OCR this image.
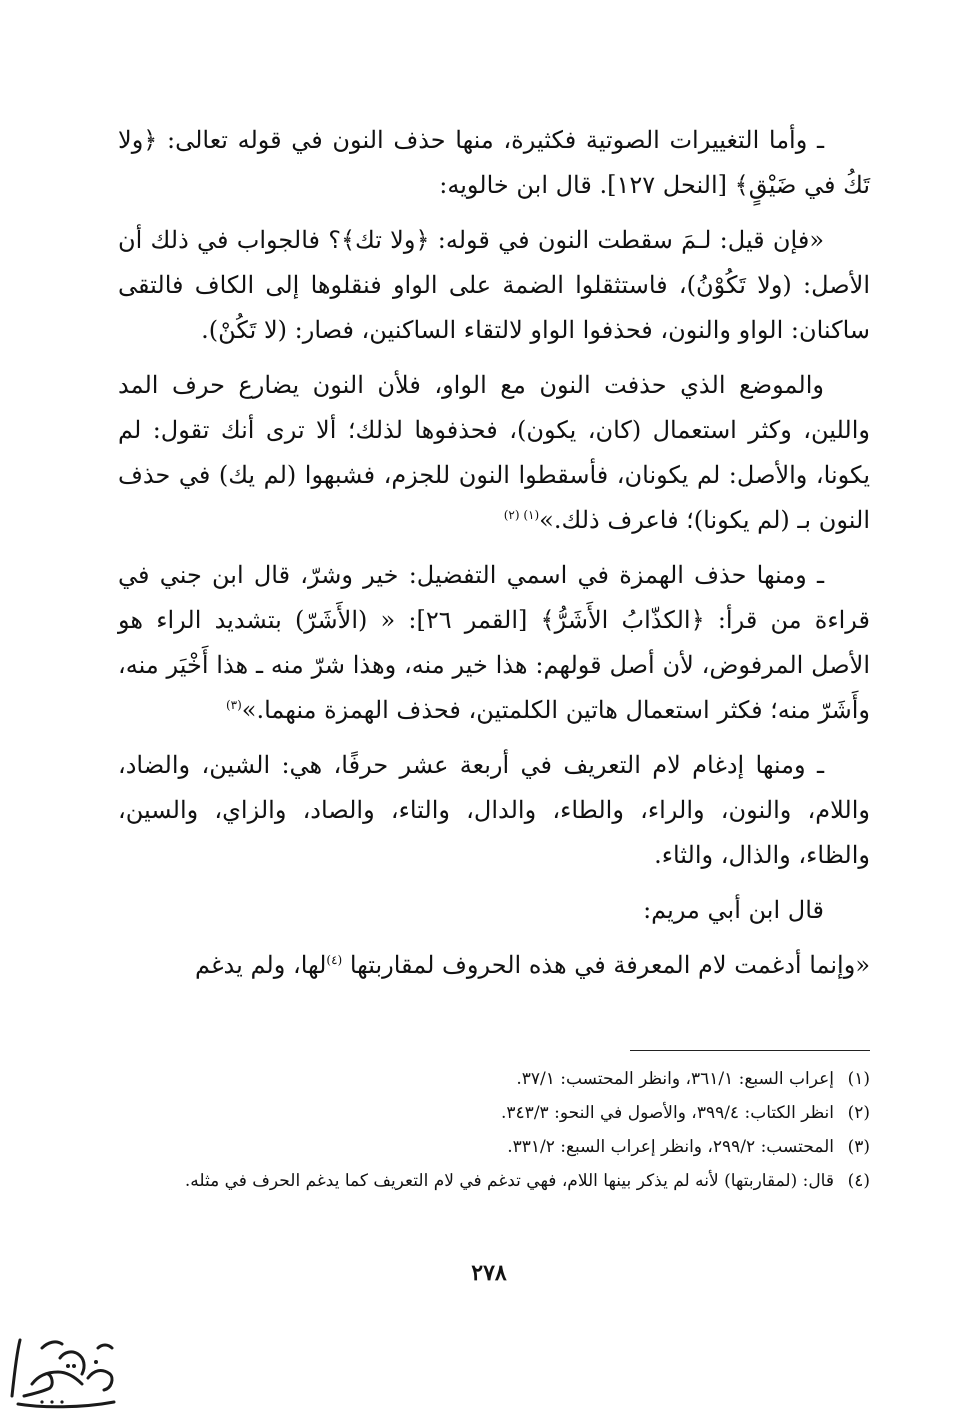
ـ وأما التغييرات الصوتية فكثيرة، منها حذف النون في قوله تعالى: ﴿ولا تَكُ في ضَيْقٍ﴾ [النحل ١٢٧]. قال ابن خالويه:

«فإن قيل: لـمَ سقطت النون في قوله: ﴿ولا تك﴾؟ فالجواب في ذلك أن الأصل: (ولا تَكُوْنُ)، فاستثقلوا الضمة على الواو فنقلوها إلى الكاف فالتقى ساكنان: الواو والنون، فحذفوا الواو لالتقاء الساكنين، فصار: (لا تَكُنْ).

والموضع الذي حذفت النون مع الواو، فلأن النون يضارع حرف المد واللين، وكثر استعمال (كان، يكون)، فحذفوها لذلك؛ ألا ترى أنك تقول: لم يكونا، والأصل: لم يكونان، فأسقطوا النون للجزم، فشبهوا (لم يك) في حذف النون بـ (لم يكونا)؛ فاعرف ذلك.»$^{(١) (٢)}$

ـ ومنها حذف الهمزة في اسمي التفضيل: خير وشرّ، قال ابن جني في قراءة من قرأ: ﴿الكذّابُ الأَشَرُّ﴾ [القمر ٢٦]: « (الأَشَرّ) بتشديد الراء هو الأصل المرفوض، لأن أصل قولهم: هذا خير منه، وهذا شرّ منه ـ هذا أَخْيَر منه، وأَشَرّ منه؛ فكثر استعمال هاتين الكلمتين، فحذف الهمزة منهما.»$^{(٣)}$

ـ ومنها إدغام لام التعريف في أربعة عشر حرفًا، هي: الشين، والضاد، واللام، والنون، والراء، والطاء، والدال، والتاء، والصاد، والزاي، والسين، والظاء، والذال، والثاء.

قال ابن أبي مريم:

«وإنما أدغمت لام المعرفة في هذه الحروف لمقاربتها $^{(٤)}$لها، ولم يدغم

(١)
إعراب السبع: ٣٦١/١، وانظر المحتسب: ٣٧/١.
(٢)
انظر الكتاب: ٣٩٩/٤، والأصول في النحو: ٣٤٣/٣.
(٣)
المحتسب: ٢٩٩/٢، وانظر إعراب السبع: ٣٣١/٢.
(٤)
قال: (لمقاربتها) لأنه لم يذكر بينها اللام، فهي تدغم في لام التعريف كما يدغم الحرف في مثله.
٢٧٨
